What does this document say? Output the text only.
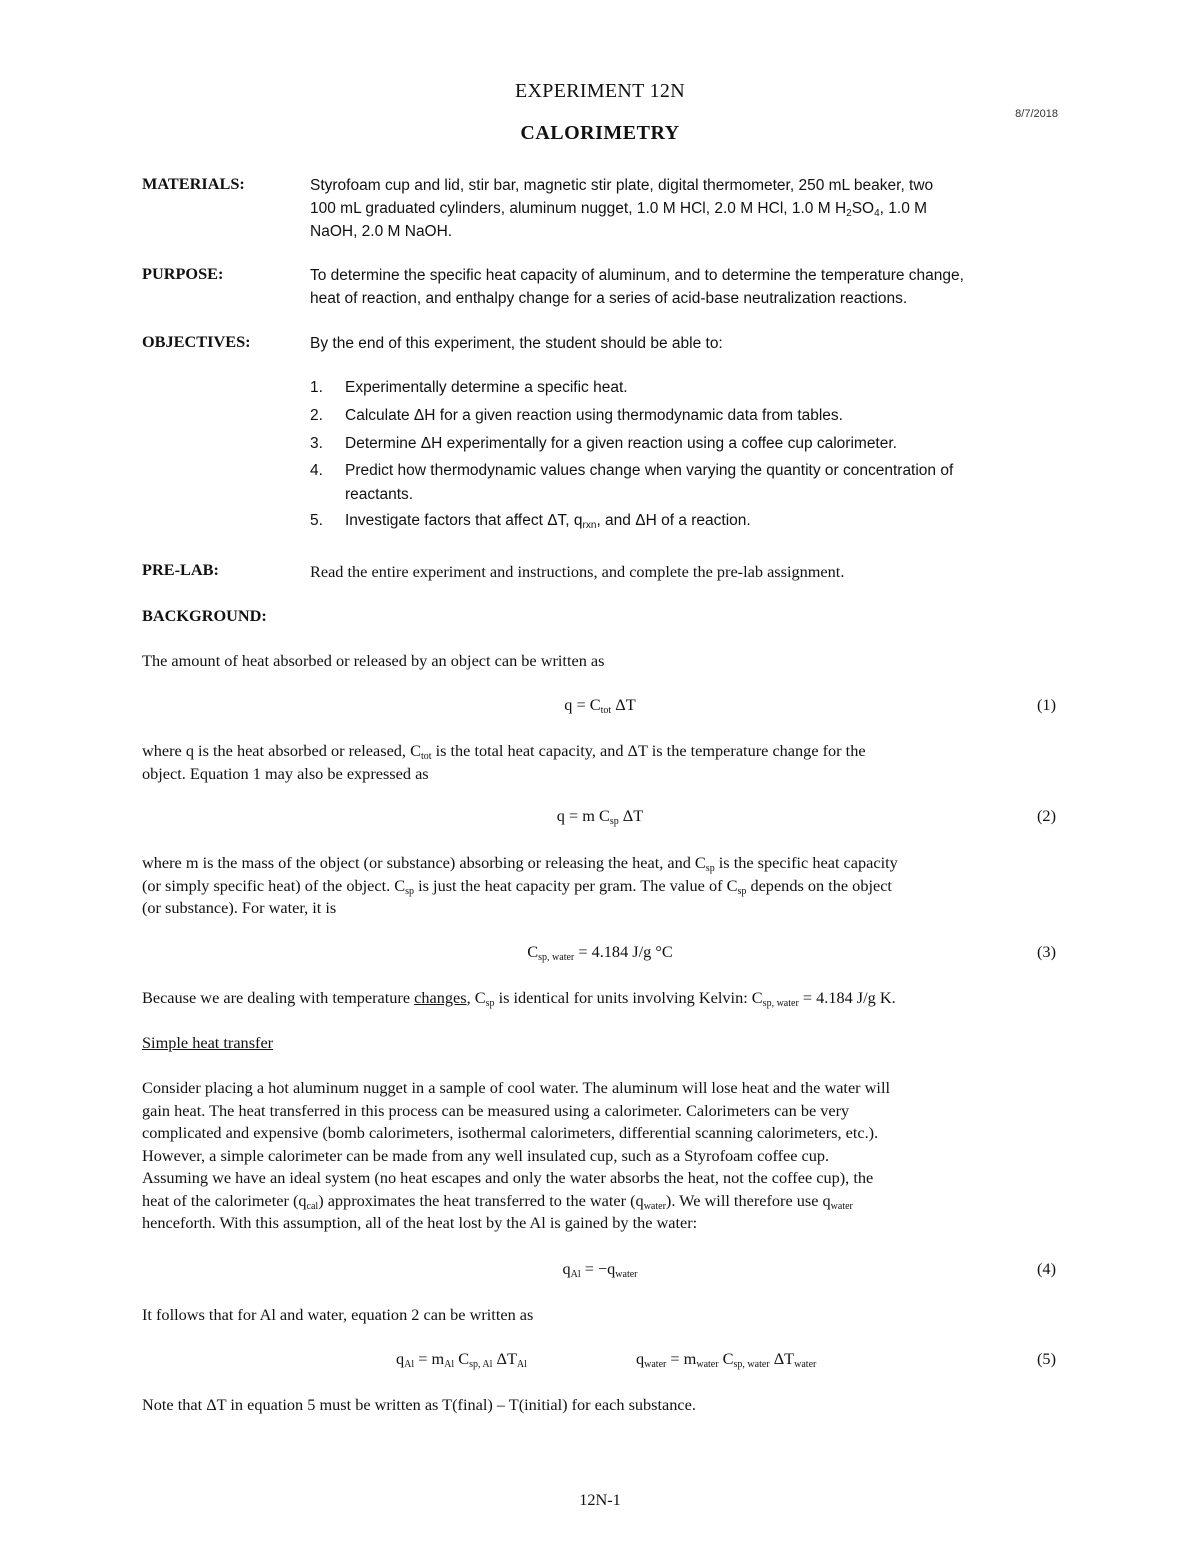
EXPERIMENT 12N
8/7/2018
CALORIMETRY
MATERIALS:	Styrofoam cup and lid, stir bar, magnetic stir plate, digital thermometer, 250 mL beaker, two
100 mL graduated cylinders, aluminum nugget, 1.0 M HCl, 2.0 M HCl, 1.0 M $H_2SO_4$, 1.0 M
NaOH, 2.0 M NaOH.
PURPOSE:	To determine the specific heat capacity of aluminum, and to determine the temperature change,
heat of reaction, and enthalpy change for a series of acid-base neutralization reactions.
OBJECTIVES:	By the end of this experiment, the student should be able to:
1.	Experimentally determine a specific heat.
2.	Calculate ΔH for a given reaction using thermodynamic data from tables.
3.	Determine ΔH experimentally for a given reaction using a coffee cup calorimeter.
4.	Predict how thermodynamic values change when varying the quantity or concentration of
reactants.
5.	Investigate factors that affect ΔT, $q_{rxn}$, and ΔH of a reaction.
PRE-LAB:	Read the entire experiment and instructions, and complete the pre-lab assignment.
BACKGROUND:
The amount of heat absorbed or released by an object can be written as
$q = C_{tot}$ ΔT	(1)
where q is the heat absorbed or released, $C_{tot}$ is the total heat capacity, and ΔT is the temperature change for the
object. Equation 1 may also be expressed as
q = m $C_{sp}$ ΔT	(2)
where m is the mass of the object (or substance) absorbing or releasing the heat, and $C_{sp}$ is the specific heat capacity
(or simply specific heat) of the object. $C_{sp}$ is just the heat capacity per gram. The value of $C_{sp}$ depends on the object
(or substance). For water, it is
$C_{sp, water} = 4.184$ J/g °C	(3)
Because we are dealing with temperature changes, $C_{sp}$ is identical for units involving Kelvin: $C_{sp, water} = 4.184$ J/g K.
Simple heat transfer
Consider placing a hot aluminum nugget in a sample of cool water. The aluminum will lose heat and the water will
gain heat. The heat transferred in this process can be measured using a calorimeter. Calorimeters can be very
complicated and expensive (bomb calorimeters, isothermal calorimeters, differential scanning calorimeters, etc.).
However, a simple calorimeter can be made from any well insulated cup, such as a Styrofoam coffee cup.
Assuming we have an ideal system (no heat escapes and only the water absorbs the heat, not the coffee cup), the
heat of the calorimeter $(q_{cal})$ approximates the heat transferred to the water $(q_{water})$. We will therefore use $q_{water}$
henceforth. With this assumption, all of the heat lost by the Al is gained by the water:
$q_{Al} = -q_{water}$	(4)
It follows that for Al and water, equation 2 can be written as
$q_{Al} = m_{Al}$ $C_{sp, Al}$ $\Delta T_{Al}$	$q_{water} = m_{water}$ $C_{sp, water}$ $\Delta T_{water}$	(5)
Note that ΔT in equation 5 must be written as T(final) – T(initial) for each substance.
12N-1
